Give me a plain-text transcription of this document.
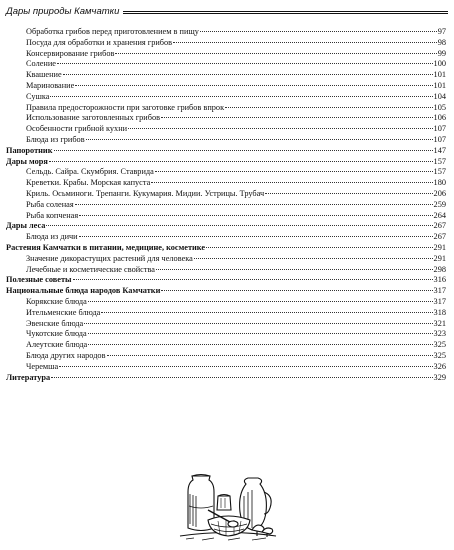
Дары природы Камчатки
Обработка грибов перед приготовлением в пищу	97
Посуда для обработки и хранения грибов	98
Консервирование грибов	99
Соление	100
Квашение	101
Маринование	101
Сушка	104
Правила предосторожности при заготовке грибов впрок	105
Использование заготовленных грибов	106
Особенности грибной кухни	107
Блюда из грибов	107
Папоротник	147
Дары моря	157
Сельдь. Сайра. Скумбрия. Ставрида	157
Креветки. Крабы. Морская капуста	180
Криль. Осьминоги. Трепанги. Кукумария. Мидии. Устрицы. Трубач	206
Рыба соленая	259
Рыба копченая	264
Дары леса	267
Блюда из дичи	267
Растения Камчатки в питании, медицине, косметике	291
Значение дикорастущих растений для человека	291
Лечебные и косметические свойства	298
Полезные советы	316
Национальные блюда народов Камчатки	317
Корякские блюда	317
Ительменские блюда	318
Эвенские блюда	321
Чукотские блюда	323
Алеутские блюда	325
Блюда других народов	325
Черемша	326
Литература	329
